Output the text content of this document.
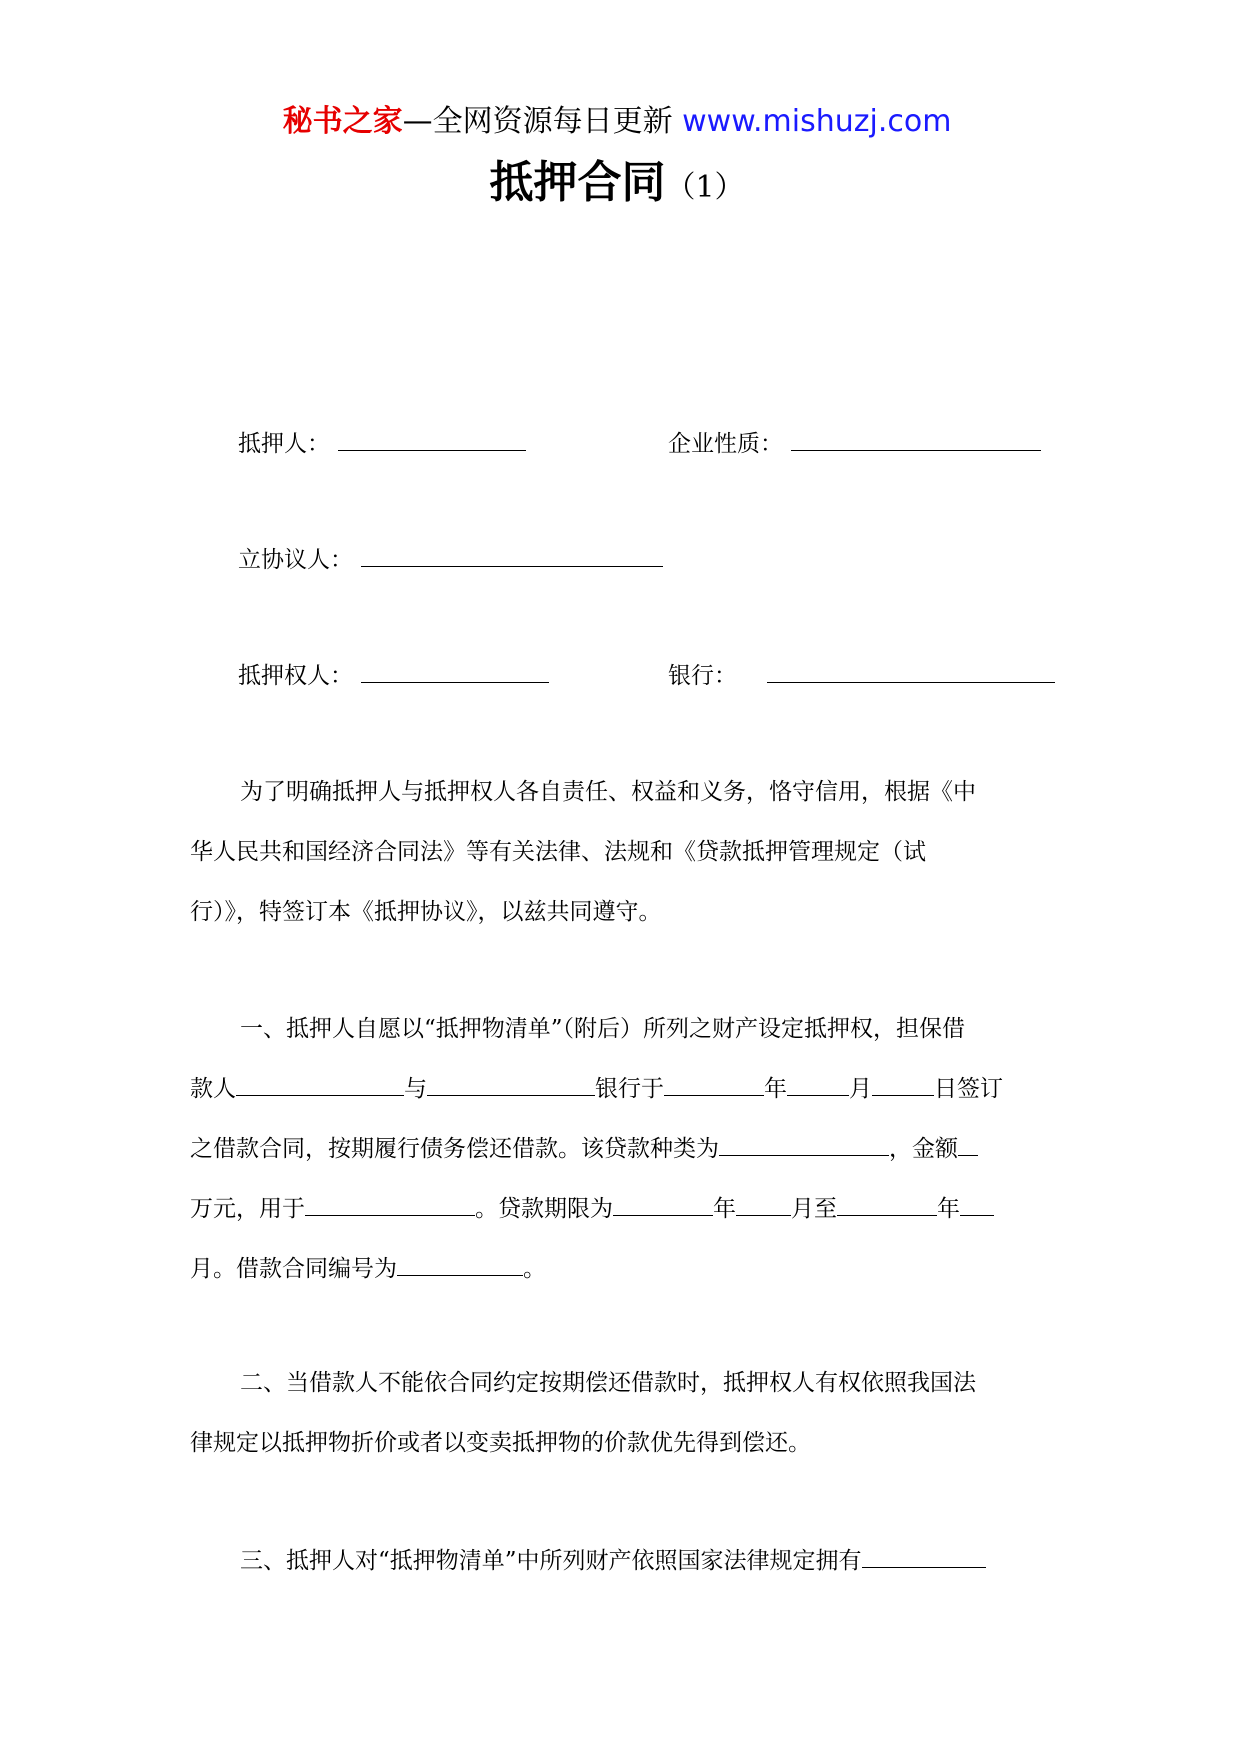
秘书之家—全网资源每日更新 www.mishuzj.com
抵押合同（1）
抵押人：	企业性质：
立协议人：
抵押权人：	银行：
为了明确抵押人与抵押权人各自责任、权益和义务，恪守信用，根据《中
华人民共和国经济合同法》等有关法律、法规和《贷款抵押管理规定（试
行）》，特签订本《抵押协议》，以兹共同遵守。
一、抵押人自愿以“抵押物清单”（附后）所列之财产设定抵押权，担保借
款人	与	银行于	年	月	日签订
之借款合同，按期履行债务偿还借款。该贷款种类为	，金额
万元，用于	。贷款期限为	年 月至	年
月。借款合同编号为	。
二、当借款人不能依合同约定按期偿还借款时，抵押权人有权依照我国法
律规定以抵押物折价或者以变卖抵押物的价款优先得到偿还。
三、抵押人对“抵押物清单”中所列财产依照国家法律规定拥有
